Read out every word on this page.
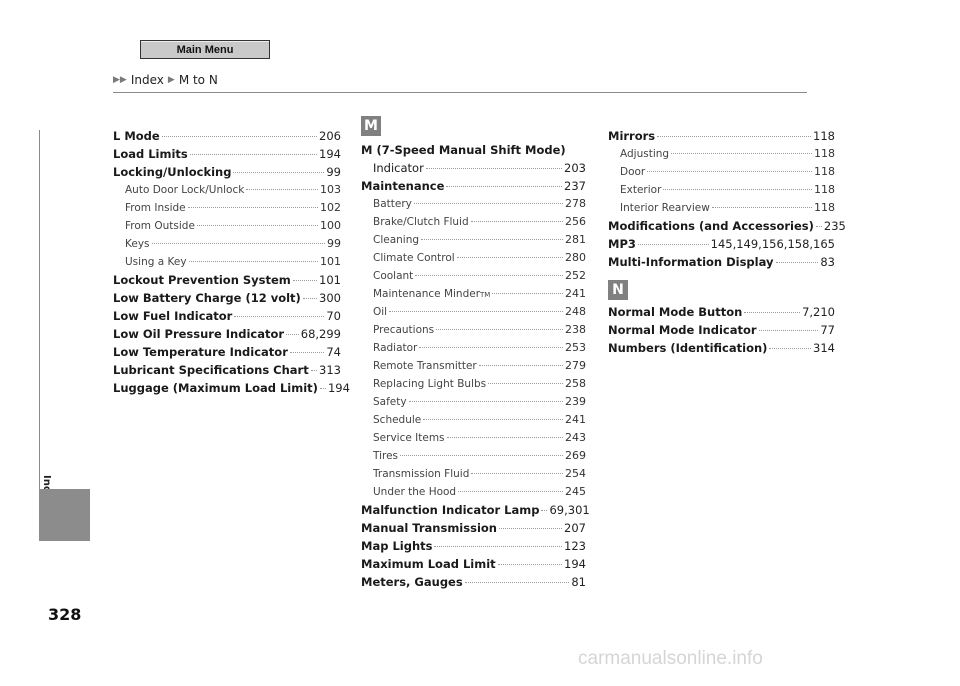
Main Menu
▶▶ Index ▶ M to N
328
L Mode	206
Load Limits	194
Locking/Unlocking	99
Auto Door Lock/Unlock	103
From Inside	102
From Outside	100
Keys	99
Using a Key	101
Lockout Prevention System 101
Low Battery Charge (12 volt) 300
Low Fuel Indicator	70
Low Oil Pressure Indicator 68,299
Low Temperature Indicator	74
Lubricant Specifications Chart 313
Luggage (Maximum Load Limit) 194
M
M (7-Speed Manual Shift Mode)
Indicator	203
Maintenance	237
Battery	278
Brake/Clutch Fluid	256
Cleaning	281
Climate Control	280
Coolant	252
Maintenance Minder TM	241
Oil	248
Precautions	238
Radiator	253
Remote Transmitter	279
Replacing Light Bulbs	258
Safety	239
Schedule	241
Service Items	243
Tires	269
Transmission Fluid	254
Under the Hood	245
Malfunction Indicator Lamp 69,301
Manual Transmission	207
Map Lights	123
Maximum Load Limit	194
Meters, Gauges	81
Mirrors	118
Adjusting	118
Door	118
Exterior	118
Interior Rearview	118
Modifications (and Accessories) 235
MP3	145,149,156,158,165
Multi-Information Display	83
N
Normal Mode Button	7,210
Normal Mode Indicator	77
Numbers (Identification)	314
carmanualsonline.info
